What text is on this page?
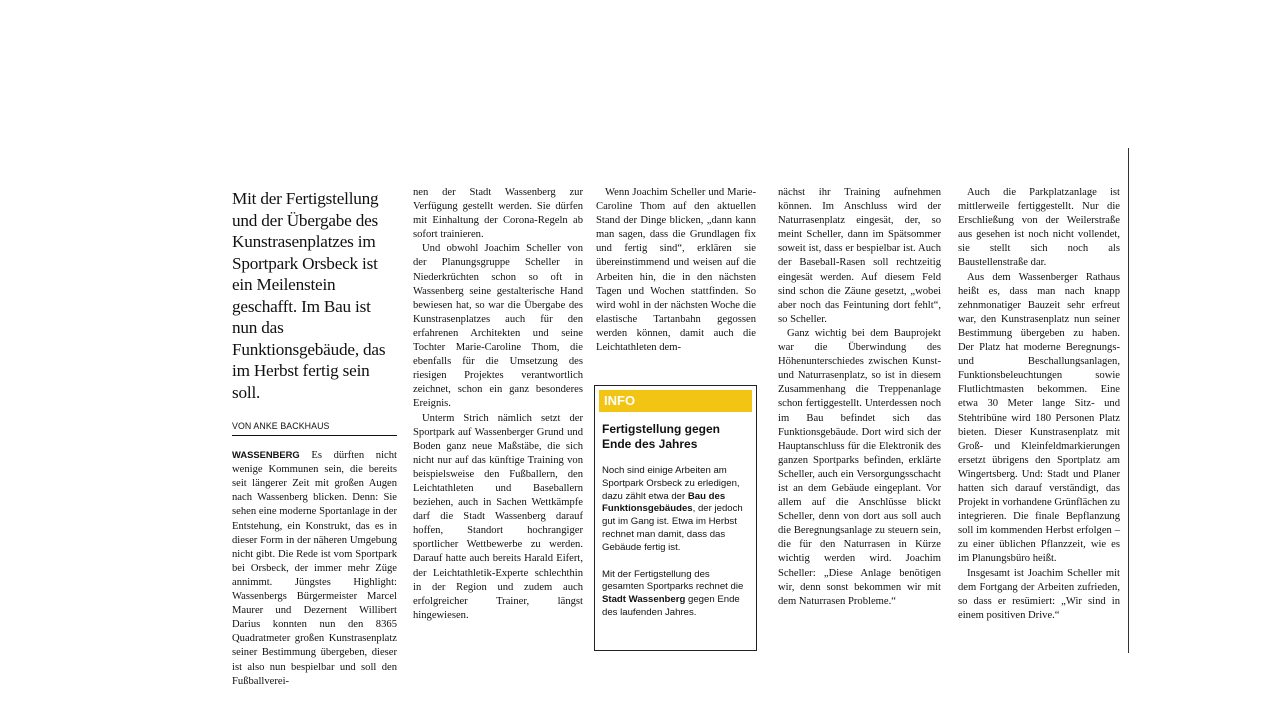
Mit der Fertigstellung und der Übergabe des Kunstrasenplatzes im Sportpark Orsbeck ist ein Meilenstein geschafft. Im Bau ist nun das Funktionsgebäude, das im Herbst fertig sein soll.

VON ANKE BACKHAUS

WASSENBERG Es dürften nicht wenige Kommunen sein, die bereits seit längerer Zeit mit großen Augen nach Wassenberg blicken. Denn: Sie sehen eine moderne Sportanlage in der Entstehung, ein Konstrukt, das es in dieser Form in der näheren Umgebung nicht gibt. Die Rede ist vom Sportpark bei Orsbeck, der immer mehr Züge annimmt. Jüngstes Highlight: Wassenbergs Bürgermeister Marcel Maurer und Dezernent Willibert Darius konnten nun den 8365 Quadratmeter großen Kunstrasenplatz seiner Bestimmung übergeben, dieser ist also nun bespielbar und soll den Fußballverei-

nen der Stadt Wassenberg zur Verfügung gestellt werden. Sie dürfen mit Einhaltung der Corona-Regeln ab sofort trainieren.

Und obwohl Joachim Scheller von der Planungsgruppe Scheller in Niederkrüchten schon so oft in Wassenberg seine gestalterische Hand bewiesen hat, so war die Übergabe des Kunstrasenplatzes auch für den erfahrenen Architekten und seine Tochter Marie-Caroline Thom, die ebenfalls für die Umsetzung des riesigen Projektes verantwortlich zeichnet, schon ein ganz besonderes Ereignis.

Unterm Strich nämlich setzt der Sportpark auf Wassenberger Grund und Boden ganz neue Maßstäbe, die sich nicht nur auf das künftige Training von beispielsweise den Fußballern, den Leichtathleten und Baseballern beziehen, auch in Sachen Wettkämpfe darf die Stadt Wassenberg darauf hoffen, Standort hochrangiger sportlicher Wettbewerbe zu werden. Darauf hatte auch bereits Harald Eifert, der Leichtathletik-Experte schlechthin in der Region und zudem auch erfolgreicher Trainer, längst hingewiesen.

Wenn Joachim Scheller und Marie-Caroline Thom auf den aktuellen Stand der Dinge blicken, „dann kann man sagen, dass die Grundlagen fix und fertig sind“, erklären sie übereinstimmend und weisen auf die Arbeiten hin, die in den nächsten Tagen und Wochen stattfinden. So wird wohl in der nächsten Woche die elastische Tartanbahn gegossen werden können, damit auch die Leichtathleten dem-

INFO
Fertigstellung gegen Ende des Jahres
Noch sind einige Arbeiten am Sportpark Orsbeck zu erledigen, dazu zählt etwa der Bau des Funktionsgebäudes, der jedoch gut im Gang ist. Etwa im Herbst rechnet man damit, dass das Gebäude fertig ist.
Mit der Fertigstellung des gesamten Sportparks rechnet die Stadt Wassenberg gegen Ende des laufenden Jahres.

nächst ihr Training aufnehmen können. Im Anschluss wird der Naturrasenplatz eingesät, der, so meint Scheller, dann im Spätsommer soweit ist, dass er bespielbar ist. Auch der Baseball-Rasen soll rechtzeitig eingesät werden. Auf diesem Feld sind schon die Zäune gesetzt, „wobei aber noch das Feintuning dort fehlt“, so Scheller.

Ganz wichtig bei dem Bauprojekt war die Überwindung des Höhenunterschiedes zwischen Kunst- und Naturrasenplatz, so ist in diesem Zusammenhang die Treppenanlage schon fertiggestellt. Unterdessen noch im Bau befindet sich das Funktionsgebäude. Dort wird sich der Hauptanschluss für die Elektronik des ganzen Sportparks befinden, erklärte Scheller, auch ein Versorgungsschacht ist an dem Gebäude eingeplant. Vor allem auf die Anschlüsse blickt Scheller, denn von dort aus soll auch die Beregnungsanlage zu steuern sein, die für den Naturrasen in Kürze wichtig werden wird. Joachim Scheller: „Diese Anlage benötigen wir, denn sonst bekommen wir mit dem Naturrasen Probleme.“

Auch die Parkplatzanlage ist mittlerweile fertiggestellt. Nur die Erschließung von der Weilerstraße aus gesehen ist noch nicht vollendet, sie stellt sich noch als Baustellenstraße dar.

Aus dem Wassenberger Rathaus heißt es, dass man nach knapp zehnmonatiger Bauzeit sehr erfreut war, den Kunstrasenplatz nun seiner Bestimmung übergeben zu haben. Der Platz hat moderne Beregnungs- und Beschallungsanlagen, Funktionsbeleuchtungen sowie Flutlichtmasten bekommen. Eine etwa 30 Meter lange Sitz- und Stehtribüne wird 180 Personen Platz bieten. Dieser Kunstrasenplatz mit Groß- und Kleinfeldmarkierungen ersetzt übrigens den Sportplatz am Wingertsberg. Und: Stadt und Planer hatten sich darauf verständigt, das Projekt in vorhandene Grünflächen zu integrieren. Die finale Bepflanzung soll im kommenden Herbst erfolgen – zu einer üblichen Pflanzzeit, wie es im Planungsbüro heißt.

Insgesamt ist Joachim Scheller mit dem Fortgang der Arbeiten zufrieden, so dass er resümiert: „Wir sind in einem positiven Drive.“
